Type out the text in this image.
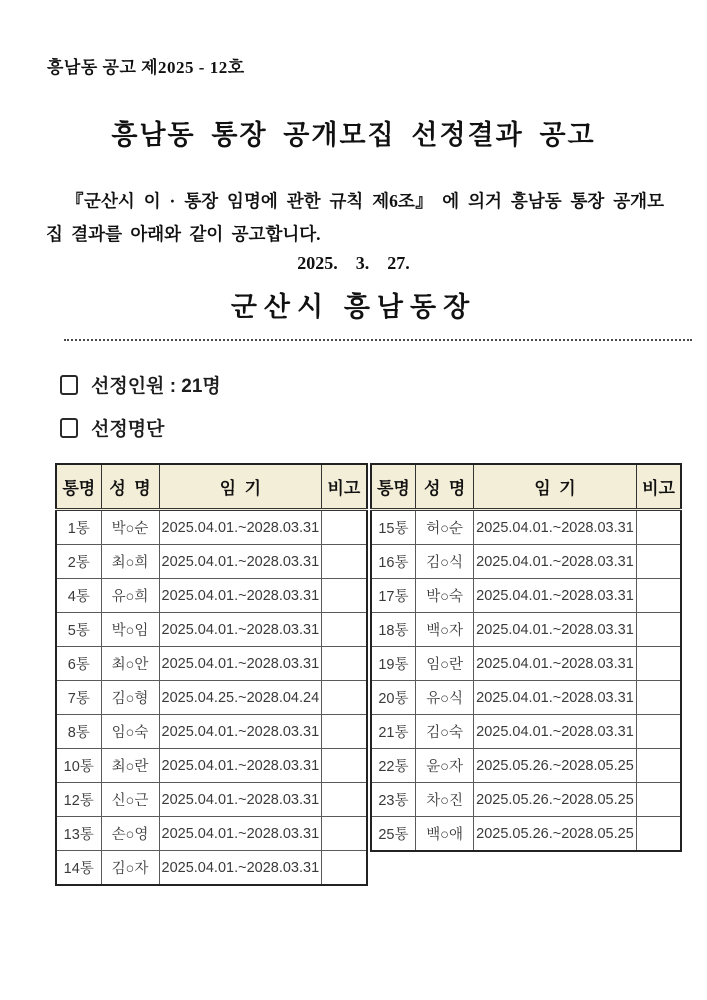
흥남동 공고 제2025 - 12호
흥남동 통장 공개모집 선정결과 공고

『군산시 이 · 통장 임명에 관한 규칙 제6조』 에 의거 흥남동 통장 공개모집 결과를 아래와 같이 공고합니다.

2025.    3.    27.
군산시 흥남동장
선정인원 : 21명
선정명단
통명	성  명	임  기	비고
1통	박○순	2025.04.01.~2028.03.31	
2통	최○희	2025.04.01.~2028.03.31	
4통	유○희	2025.04.01.~2028.03.31	
5통	박○임	2025.04.01.~2028.03.31	
6통	최○안	2025.04.01.~2028.03.31	
7통	김○형	2025.04.25.~2028.04.24	
8통	임○숙	2025.04.01.~2028.03.31	
10통	최○란	2025.04.01.~2028.03.31	
12통	신○근	2025.04.01.~2028.03.31	
13통	손○영	2025.04.01.~2028.03.31	
14통	김○자	2025.04.01.~2028.03.31	
통명	성  명	임  기	비고
15통	허○순	2025.04.01.~2028.03.31	
16통	김○식	2025.04.01.~2028.03.31	
17통	박○숙	2025.04.01.~2028.03.31	
18통	백○자	2025.04.01.~2028.03.31	
19통	임○란	2025.04.01.~2028.03.31	
20통	유○식	2025.04.01.~2028.03.31	
21통	김○숙	2025.04.01.~2028.03.31	
22통	윤○자	2025.05.26.~2028.05.25	
23통	차○진	2025.05.26.~2028.05.25	
25통	백○애	2025.05.26.~2028.05.25	
